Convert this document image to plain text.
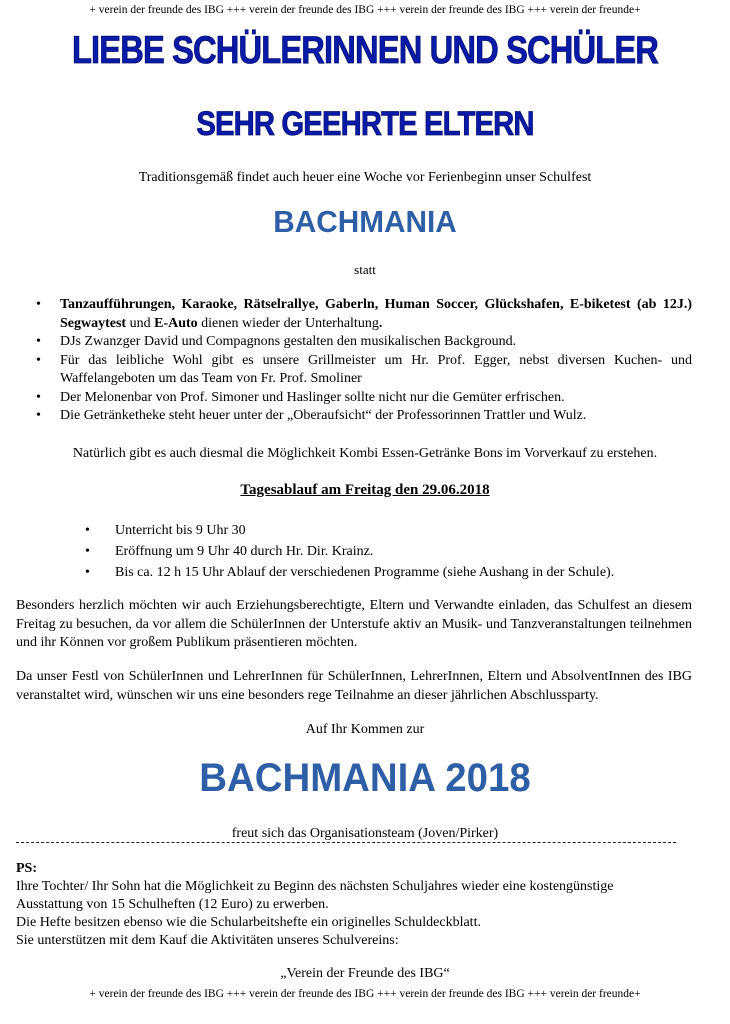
+ verein der freunde des IBG +++ verein der freunde des IBG +++ verein der freunde des IBG +++ verein der freunde+
LIEBE SCHÜLERINNEN UND SCHÜLER
SEHR GEEHRTE ELTERN
Traditionsgemäß findet auch heuer eine Woche vor Ferienbeginn unser Schulfest
BACHMANIA
statt
• Tanzaufführungen, Karaoke, Rätselrallye, Gaberln, Human Soccer, Glückshafen, E-biketest (ab 12J.) Segwaytest und E-Auto dienen wieder der Unterhaltung.
• DJs Zwanzger David und Compagnons gestalten den musikalischen Background.
• Für das leibliche Wohl gibt es unsere Grillmeister um Hr. Prof. Egger, nebst diversen Kuchen- und Waffelangeboten um das Team von Fr. Prof. Smoliner
• Der Melonenbar von Prof. Simoner und Haslinger sollte nicht nur die Gemüter erfrischen.
• Die Getränketheke steht heuer unter der „Oberaufsicht“ der Professorinnen Trattler und Wulz.
Natürlich gibt es auch diesmal die Möglichkeit Kombi Essen-Getränke Bons im Vorverkauf zu erstehen.
Tagesablauf am Freitag den 29.06.2018
• Unterricht bis 9 Uhr 30
• Eröffnung um 9 Uhr 40 durch Hr. Dir. Krainz.
• Bis ca. 12 h 15 Uhr Ablauf der verschiedenen Programme (siehe Aushang in der Schule).

Besonders herzlich möchten wir auch Erziehungsberechtigte, Eltern und Verwandte einladen, das Schulfest an diesem Freitag zu besuchen, da vor allem die SchülerInnen der Unterstufe aktiv an Musik- und Tanzveranstaltungen teilnehmen und ihr Können vor großem Publikum präsentieren möchten.

Da unser Festl von SchülerInnen und LehrerInnen für SchülerInnen, LehrerInnen, Eltern und AbsolventInnen des IBG veranstaltet wird, wünschen wir uns eine besonders rege Teilnahme an dieser jährlichen Abschlussparty.

Auf Ihr Kommen zur
BACHMANIA 2018
freut sich das Organisationsteam (Joven/Pirker)
PS:
Ihre Tochter/ Ihr Sohn hat die Möglichkeit zu Beginn des nächsten Schuljahres wieder eine kostengünstige
Ausstattung von 15 Schulheften (12 Euro) zu erwerben.
Die Hefte besitzen ebenso wie die Schularbeitshefte ein originelles Schuldeckblatt.
Sie unterstützen mit dem Kauf die Aktivitäten unseres Schulvereins:
„Verein der Freunde des IBG“
+ verein der freunde des IBG +++ verein der freunde des IBG +++ verein der freunde des IBG +++ verein der freunde+
